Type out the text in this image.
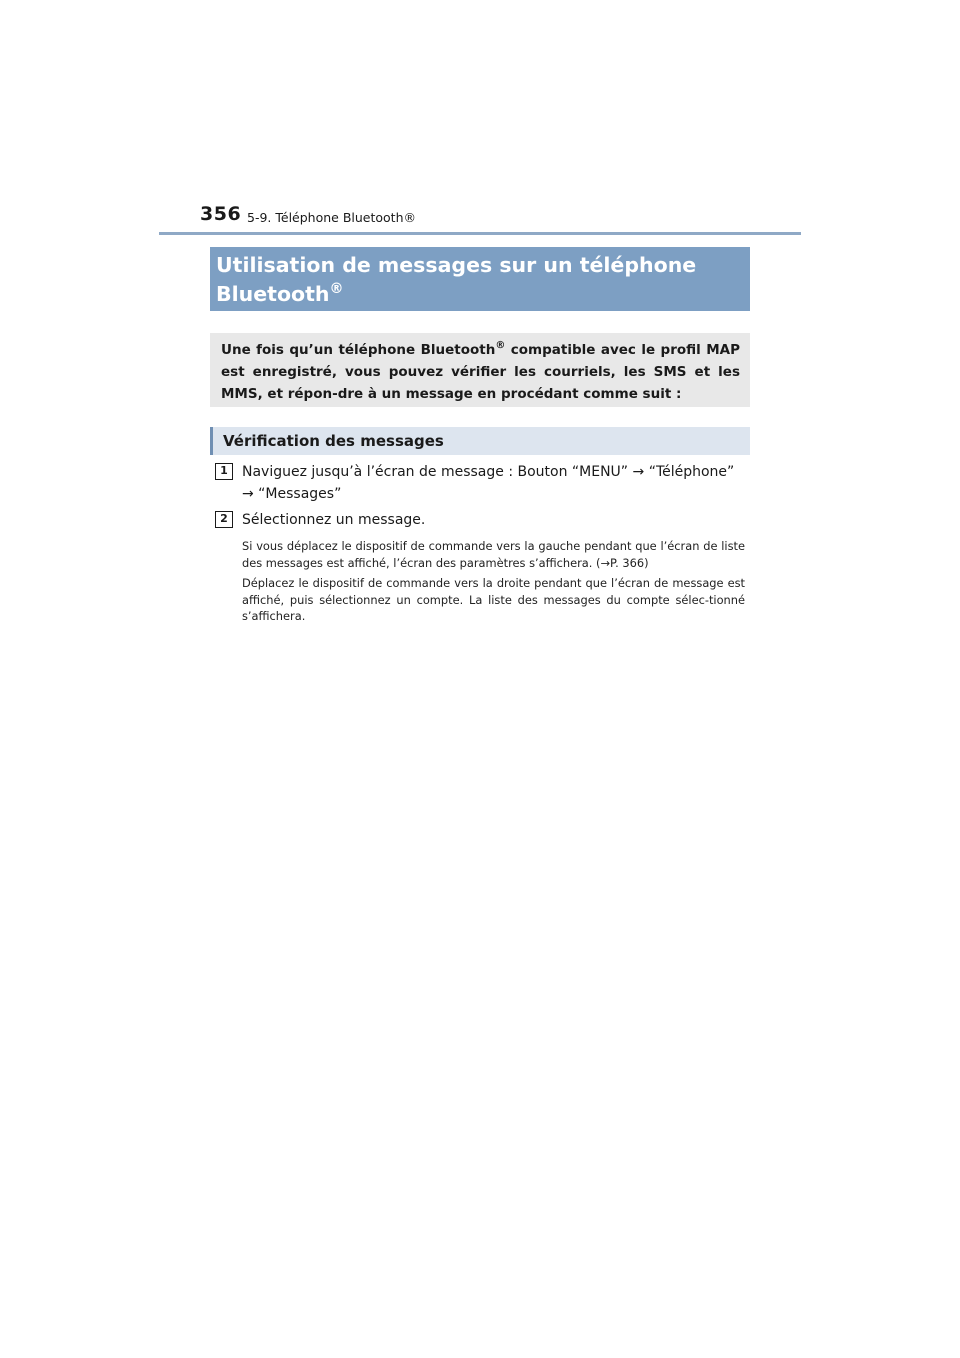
356 5-9. Téléphone Bluetooth®
Utilisation de messages sur un téléphone
Bluetooth®

Une fois qu’un téléphone Bluetooth® compatible avec le profil MAP est enregistré, vous pouvez vérifier les courriels, les SMS et les MMS, et répon-dre à un message en procédant comme suit :

Vérification des messages
1	Naviguez jusqu’à l’écran de message : Bouton “MENU” → “Téléphone” → “Messages”

2	Sélectionnez un message.

Si vous déplacez le dispositif de commande vers la gauche pendant que l’écran de liste des messages est affiché, l’écran des paramètres s’affichera. (→P. 366)

Déplacez le dispositif de commande vers la droite pendant que l’écran de message est affiché, puis sélectionnez un compte. La liste des messages du compte sélec-tionné s’affichera.
